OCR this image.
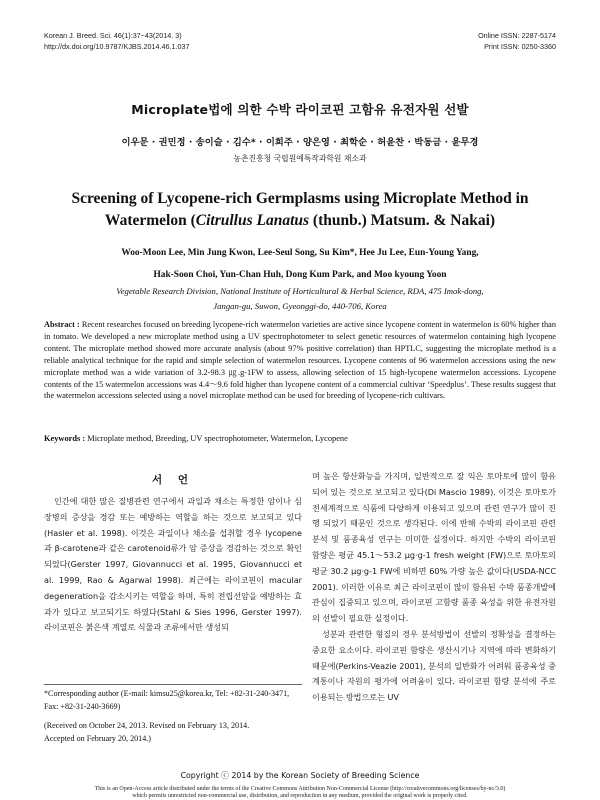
Korean J. Breed. Sci. 46(1):37~43(2014. 3)
http://dx.doi.org/10.9787/KJBS.2014.46.1.037
Online ISSN: 2287-5174
Print ISSN: 0250-3360
Microplate법에 의한 수박 라이코핀 고함유 유전자원 선발
이우문 · 권민정 · 송이슬 · 김수* · 이희주 · 양은영 · 최학순 · 허윤찬 · 박동금 · 윤무경
농촌진흥청 국립원예특작과학원 채소과
Screening of Lycopene-rich Germplasms using Microplate Method in
Watermelon (Citrullus Lanatus (thunb.) Matsum. & Nakai)
Woo-Moon Lee, Min Jung Kwon, Lee-Seul Song, Su Kim*, Hee Ju Lee, Eun-Young Yang,
Hak-Soon Choi, Yun-Chan Huh, Dong Kum Park, and Moo kyoung Yoon
Vegetable Research Division, National Institute of Horticultural & Herbal Science, RDA, 475 Imok-dong,
Jangan-gu, Suwon, Gyeonggi-do, 440-706, Korea
Abstract : Recent researches focused on breeding lycopene-rich watermelon varieties are active since lycopene content in watermelon is 60% higher than in tomato. We developed a new microplate method using a UV spectrophotometer to select genetic resources of watermelon containing high lycopene content. The microplate method showed more accurate analysis (about 97% positive correlation) than HPTLC, suggesting the microplate method is a reliable analytical technique for the rapid and simple selection of watermelon resources. Lycopene contents of 96 watermelon accessions using the new microplate method was a wide variation of 3.2-98.3 ㎍.g-1FW to assess, allowing selection of 15 high-lycopene watermelon accessions. Lycopene contents of the 15 watermelon accessions was 4.4～9.6 fold higher than lycopene content of a commercial cultivar ‘Speedplus’. These results suggest that the watermelon accessions selected using a novel microplate method can be used for breeding of lycopene-rich cultivars.
Keywords : Microplate method, Breeding, UV spectrophotometer, Watermelon, Lycopene
서 언

인간에 대한 많은 질병관련 연구에서 과일과 채소는 특정한 암이나 심장병의 증상을 경감 또는 예방하는 역할을 하는 것으로 보고되고 있다(Hasler et al. 1998). 이것은 과일이나 채소를 섭취할 경우 lycopene과 β-carotene과 같은 carotenoid류가 암 증상을 경감하는 것으로 확인되었다(Gerster 1997, Giovannucci et al. 1995, Giovannucci et al. 1999, Rao & Agarwal 1998). 최근에는 라이코핀이 macular degeneration을 감소시키는 역할을 하며, 특히 전립선암을 예방하는 효과가 있다고 보고되기도 하였다(Stahl & Sies 1996, Gerster 1997). 라이코핀은 붉은색 계열로 식물과 조류에서만 생성되

*Corresponding author (E-mail: kimsu25@korea.kr, Tel: +82-31-240-3471, Fax: +82-31-240-3669)
(Received on October 24, 2013. Revised on February 13, 2014.
Accepted on February 20, 2014.)

며 높은 항산화능을 가지며, 일반적으로 잘 익은 토마토에 많이 함유되어 있는 것으로 보고되고 있다(Di Mascio 1989). 이것은 토마토가 전세계적으로 식품에 다양하게 이용되고 있으며 관련 연구가 많이 진행 되었기 때문인 것으로 생각된다. 이에 반해 수박의 라이코핀 관련 분석 및 품종육성 연구는 미미한 실정이다. 하지만 수박의 라이코핀 함량은 평균 45.1～53.2 μg·g-1 fresh weight (FW)으로 토마토의 평균 30.2 μg·g-1 FW에 비하면 60% 가량 높은 값이다(USDA-NCC 2001). 이러한 이유로 최근 라이코핀이 많이 함유된 수박 품종개발에 관심이 집중되고 있으며, 라이코핀 고함량 품종 육성을 위한 유전자원의 선발이 필요한 실정이다.

성분과 관련한 형질의 경우 분석방법이 선발의 정확성을 결정하는 중요한 요소이다. 라이코핀 함량은 생산시기나 지역에 따라 변화하기 때문에(Perkins-Veazie 2001), 분석의 일반화가 어려워 품종육성 중 계통이나 자원의 평가에 어려움이 있다. 라이코핀 함량 분석에 주로 이용되는 방법으로는 UV

Copyright ⓒ 2014 by the Korean Society of Breeding Science
This is an Open-Access article distributed under the terms of the Creative Commons Attribution Non-Commercial License (http://creativecommons.org/licenses/by-nc/3.0)
which permits unrestricted non-commercial use, distribution, and reproduction in any medium, provided the original work is properly cited.
